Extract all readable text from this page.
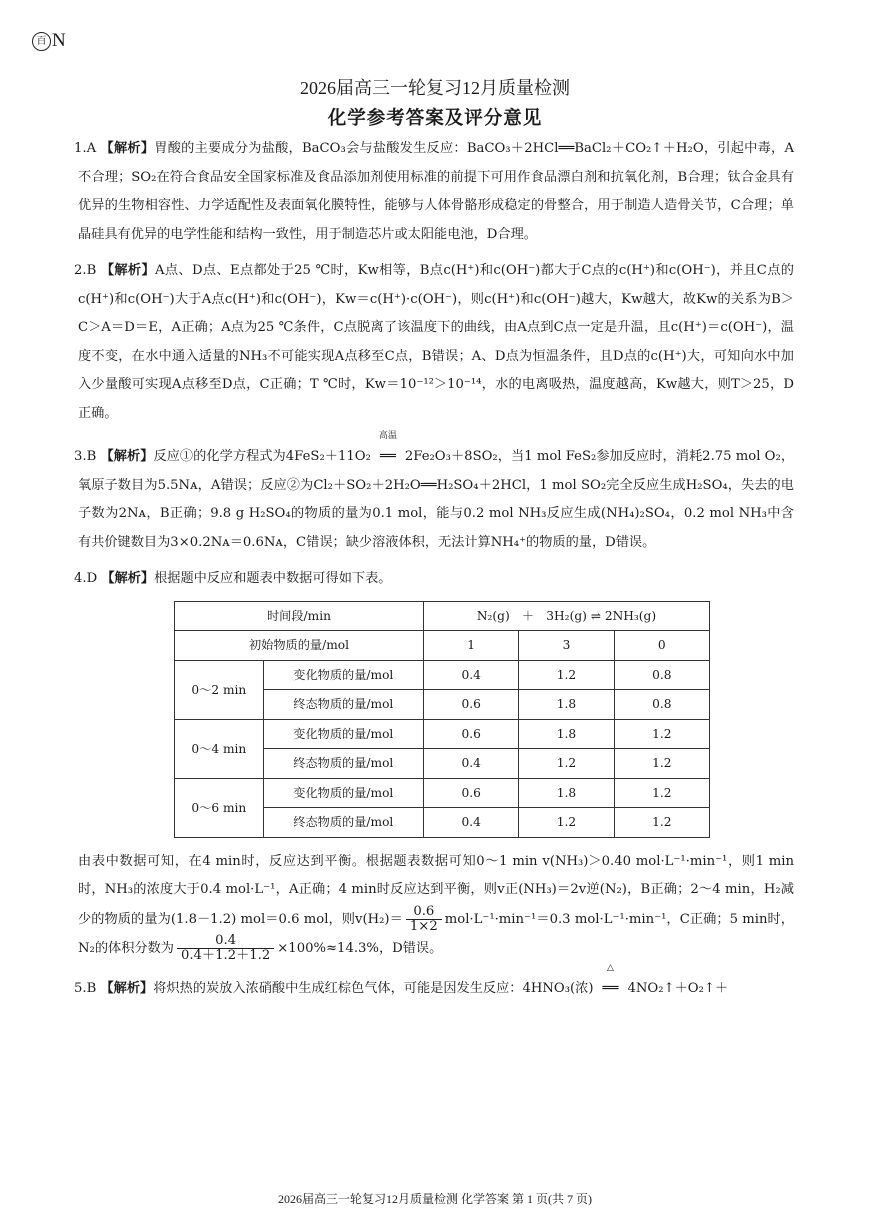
百 N
2026届高三一轮复习12月质量检测
化学参考答案及评分意见
1.A 【解析】胃酸的主要成分为盐酸，BaCO₃会与盐酸发生反应：BaCO₃＋2HCl══BaCl₂＋CO₂↑＋H₂O，引起中毒，A不合理；SO₂在符合食品安全国家标准及食品添加剂使用标准的前提下可用作食品漂白剂和抗氧化剂，B合理；钛合金具有优异的生物相容性、力学适配性及表面氧化膜特性，能够与人体骨骼形成稳定的骨整合，用于制造人造骨关节，C合理；单晶硅具有优异的电学性能和结构一致性，用于制造芯片或太阳能电池，D合理。
2.B 【解析】A点、D点、E点都处于25 ℃时，Kw相等，B点c(H⁺)和c(OH⁻)都大于C点的c(H⁺)和c(OH⁻)，并且C点的c(H⁺)和c(OH⁻)大于A点c(H⁺)和c(OH⁻)，Kw＝c(H⁺)·c(OH⁻)，则c(H⁺)和c(OH⁻)越大，Kw越大，故Kw的关系为B＞C＞A＝D＝E，A正确；A点为25 ℃条件，C点脱离了该温度下的曲线，由A点到C点一定是升温，且c(H⁺)＝c(OH⁻)，温度不变，在水中通入适量的NH₃不可能实现A点移至C点，B错误；A、D点为恒温条件，且D点的c(H⁺)大，可知向水中加入少量酸可实现A点移至D点，C正确；T ℃时，Kw＝10⁻¹²＞10⁻¹⁴，水的电离吸热，温度越高，Kw越大，则T＞25，D正确。
3.B 【解析】反应①的化学方程式为4FeS₂＋11O₂
高温
══ 2Fe₂O₃＋8SO₂，当1 mol FeS₂参加反应时，消耗2.75 mol O₂，氧原子数目为5.5Nᴀ，A错误；反应②为Cl₂＋SO₂＋2H₂O══H₂SO₄＋2HCl，1 mol SO₂完全反应生成H₂SO₄，失去的电子数为2Nᴀ，B正确；9.8 g H₂SO₄的物质的量为0.1 mol，能与0.2 mol NH₃反应生成(NH₄)₂SO₄，0.2 mol NH₃中含有共价键数目为3×0.2Nᴀ＝0.6Nᴀ，C错误；缺少溶液体积，无法计算NH₄⁺的物质的量，D错误。
4.D 【解析】根据题中反应和题表中数据可得如下表。
时间段/min		N₂(g)　＋　3H₂(g) ⇌ 2NH₃(g)		
初始物质的量/mol		1	3	0
0～2 min	变化物质的量/mol	0.4	1.2	0.8
	终态物质的量/mol	0.6	1.8	0.8
0～4 min	变化物质的量/mol	0.6	1.8	1.2
	终态物质的量/mol	0.4	1.2	1.2
0～6 min	变化物质的量/mol	0.6	1.8	1.2
	终态物质的量/mol	0.4	1.2	1.2

由表中数据可知，在4 min时，反应达到平衡。根据题表数据可知0～1 min v(NH₃)＞0.40 mol·L⁻¹·min⁻¹，则1 min时，NH₃的浓度大于0.4 mol·L⁻¹，A正确；4 min时反应达到平衡，则v正(NH₃)＝2v逆(N₂)，B正确；2～4 min，H₂减少的物质的量为(1.8－1.2) mol＝0.6 mol，则$v(H_2)= \frac{0.6}{1\times 2} mol\cdot L^{-1}\cdot\min^{-1}=0.3$ mol·L⁻¹·min⁻¹，C正确；5 min时，N₂的体积分数为 $\frac{0.4}{0.4+1.2+1.2} \times 100\%\approx 14.3\%$，D错误。

5.B 【解析】将炽热的炭放入浓硝酸中生成红棕色气体，可能是因发生反应：4HNO₃(浓)
△
══ 4NO₂↑＋O₂↑＋
2026届高三一轮复习12月质量检测 化学答案 第 1 页(共 7 页)
